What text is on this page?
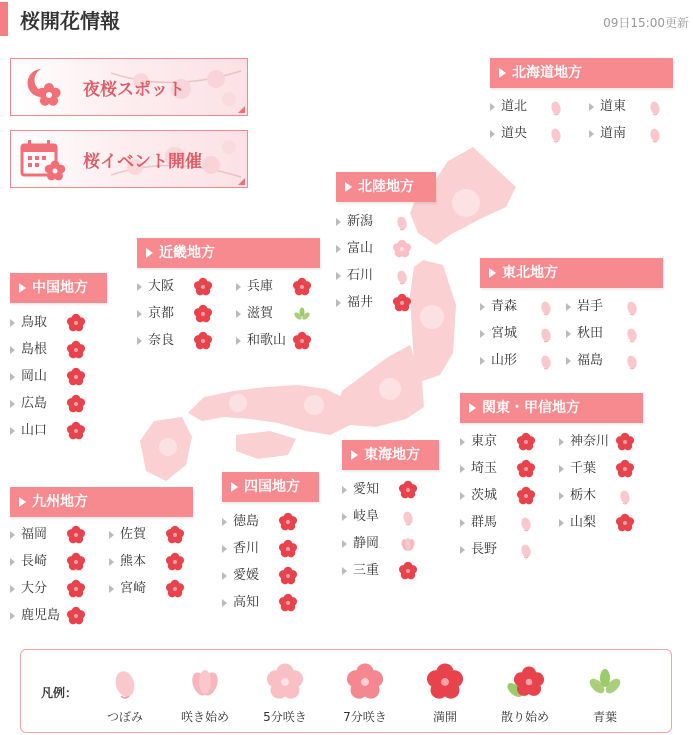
桜開花情報	09日15:00更新
夜桜スポット
桜イベント開催
北海道地方
道北	道東
道央	道南
北陸地方
新潟
富山
石川
福井
東北地方
青森	岩手
宮城	秋田
山形	福島
近畿地方
大阪	兵庫
京都	滋賀
奈良	和歌山
中国地方
鳥取
島根
岡山
広島
山口
関東・甲信地方
東京	神奈川
埼玉	千葉
茨城	栃木
群馬	山梨
長野
東海地方
愛知
岐阜
静岡
三重
四国地方
徳島
香川
愛媛
高知
九州地方
福岡	佐賀
長崎	熊本
大分	宮崎
鹿児島
凡例：
つぼみ	咲き始め	5分咲き	7分咲き	満開	散り始め	青葉
